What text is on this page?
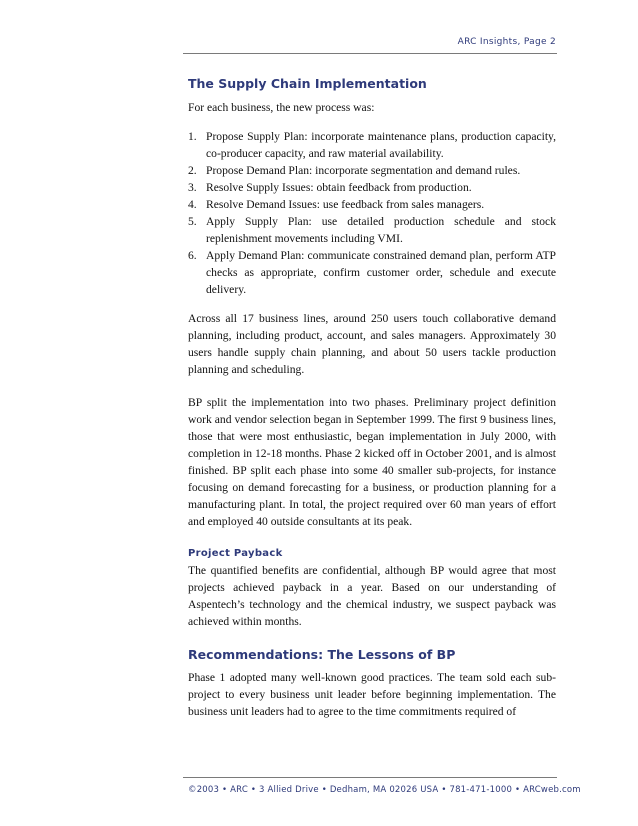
ARC Insights, Page 2
The Supply Chain Implementation

For each business, the new process was:

1. Propose Supply Plan: incorporate maintenance plans, production capacity, co-producer capacity, and raw material availability.
2. Propose Demand Plan: incorporate segmentation and demand rules.
3. Resolve Supply Issues: obtain feedback from production.
4. Resolve Demand Issues: use feedback from sales managers.
5. Apply Supply Plan: use detailed production schedule and stock replenishment movements including VMI.
6. Apply Demand Plan: communicate constrained demand plan, perform ATP checks as appropriate, confirm customer order, schedule and execute delivery.

Across all 17 business lines, around 250 users touch collaborative demand planning, including product, account, and sales managers. Approximately 30 users handle supply chain planning, and about 50 users tackle production planning and scheduling.

BP split the implementation into two phases. Preliminary project definition work and vendor selection began in September 1999. The first 9 business lines, those that were most enthusiastic, began implementation in July 2000, with completion in 12-18 months. Phase 2 kicked off in October 2001, and is almost finished. BP split each phase into some 40 smaller sub-projects, for instance focusing on demand forecasting for a business, or production planning for a manufacturing plant. In total, the project required over 60 man years of effort and employed 40 outside consultants at its peak.

Project Payback

The quantified benefits are confidential, although BP would agree that most projects achieved payback in a year. Based on our understanding of Aspentech’s technology and the chemical industry, we suspect payback was achieved within months.

Recommendations: The Lessons of BP

Phase 1 adopted many well-known good practices. The team sold each sub-project to every business unit leader before beginning implementation. The business unit leaders had to agree to the time commitments required of

©2003 • ARC • 3 Allied Drive • Dedham, MA 02026 USA • 781-471-1000 • ARCweb.com
